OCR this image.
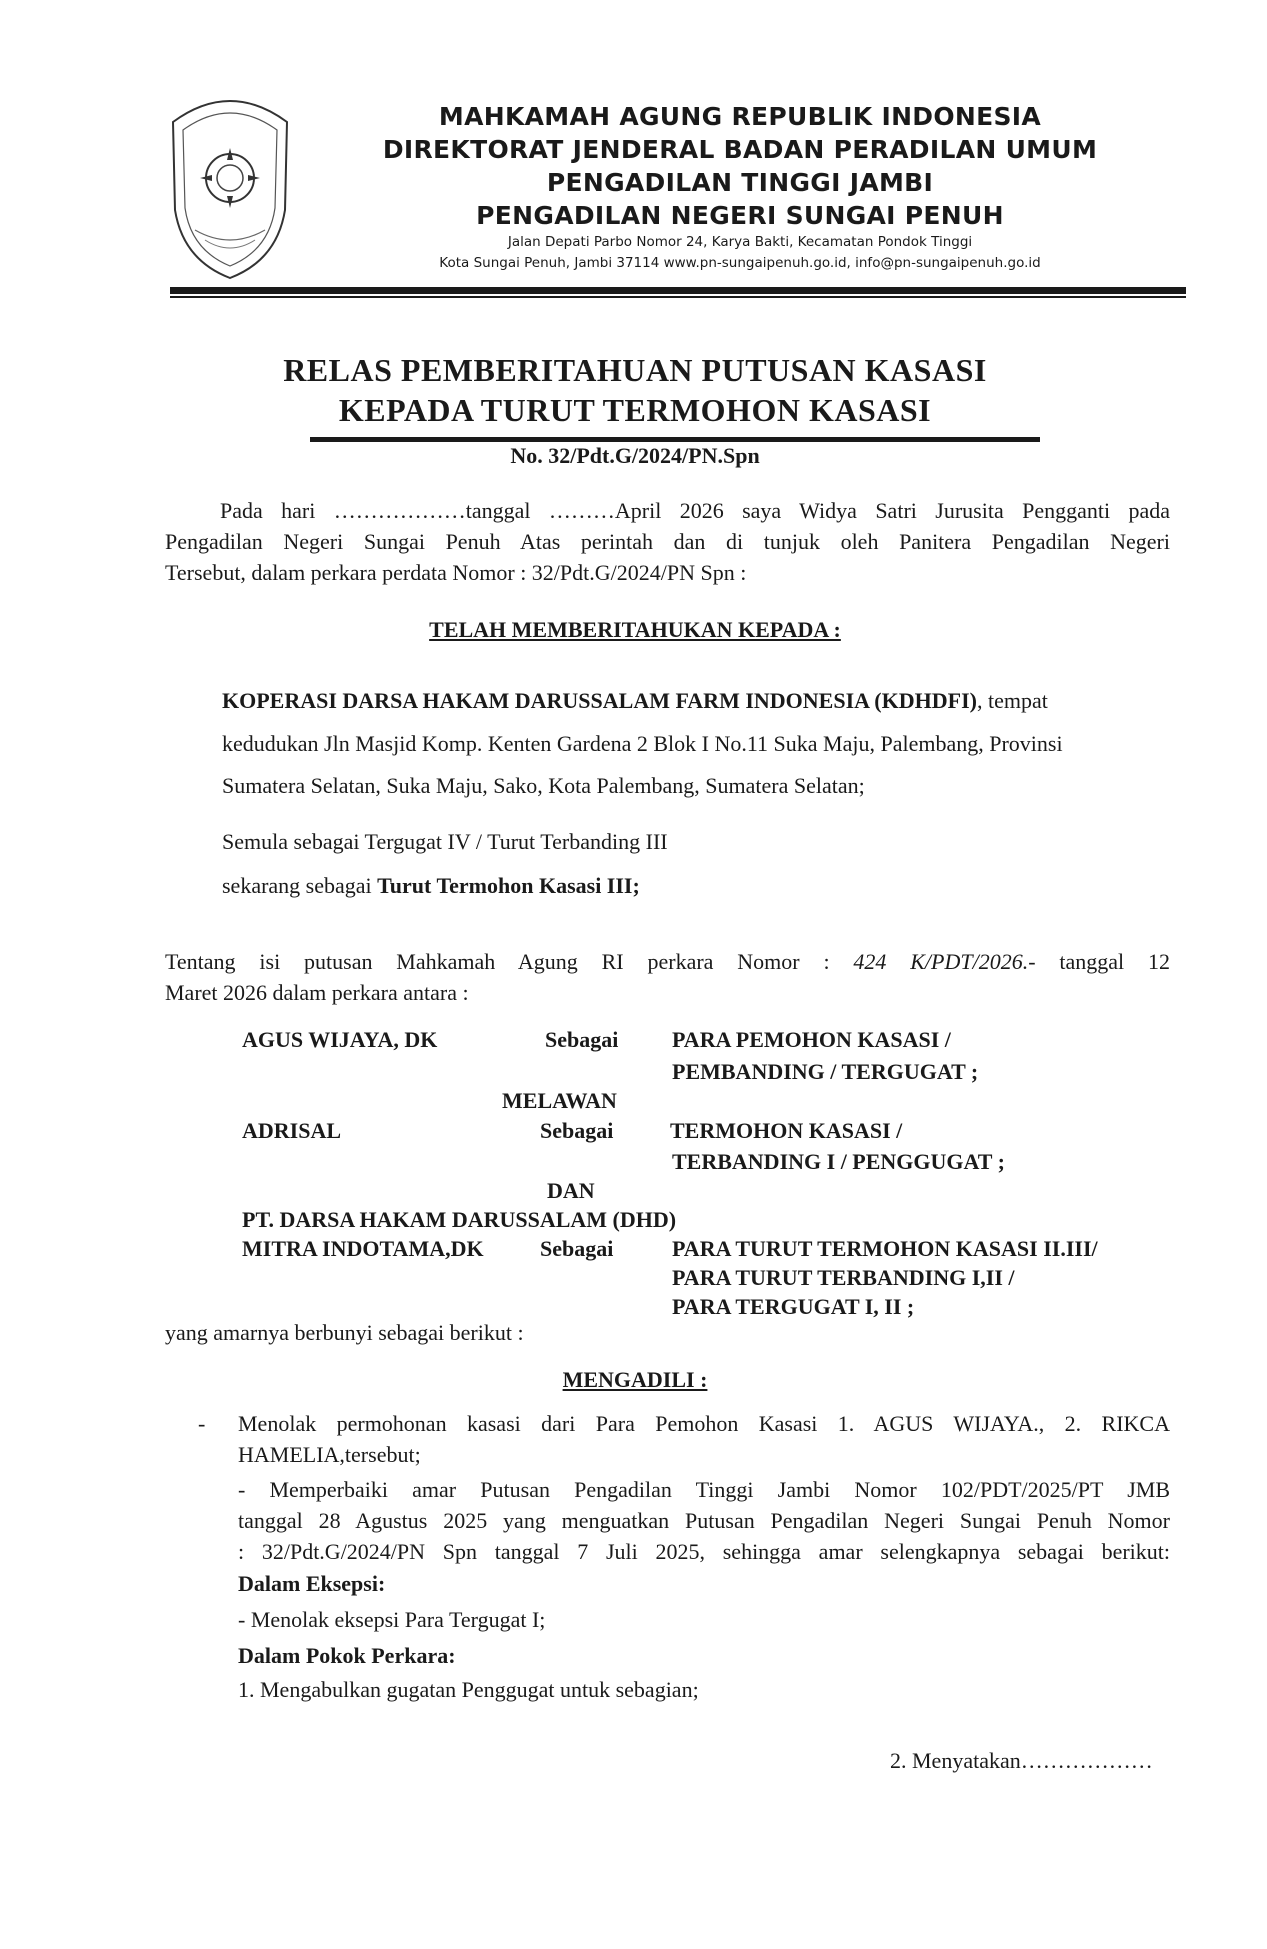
MAHKAMAH AGUNG REPUBLIK INDONESIA
DIREKTORAT JENDERAL BADAN PERADILAN UMUM
PENGADILAN TINGGI JAMBI
PENGADILAN NEGERI SUNGAI PENUH
Jalan Depati Parbo Nomor 24, Karya Bakti, Kecamatan Pondok Tinggi
Kota Sungai Penuh, Jambi 37114 www.pn-sungaipenuh.go.id, info@pn-sungaipenuh.go.id
RELAS PEMBERITAHUAN PUTUSAN KASASI
KEPADA TURUT TERMOHON KASASI
No. 32/Pdt.G/2024/PN.Spn
Pada hari ………………tanggal ………April 2026 saya Widya Satri Jurusita Pengganti pada
Pengadilan Negeri Sungai Penuh Atas perintah dan di tunjuk oleh Panitera Pengadilan Negeri
Tersebut, dalam perkara perdata Nomor : 32/Pdt.G/2024/PN Spn :
TELAH MEMBERITAHUKAN KEPADA :
KOPERASI DARSA HAKAM DARUSSALAM FARM INDONESIA (KDHDFI), tempat
kedudukan Jln Masjid Komp. Kenten Gardena 2 Blok I No.11 Suka Maju, Palembang, Provinsi
Sumatera Selatan, Suka Maju, Sako, Kota Palembang, Sumatera Selatan;
Semula sebagai Tergugat IV / Turut Terbanding III
sekarang sebagai Turut Termohon Kasasi III;
Tentang isi putusan Mahkamah Agung RI perkara Nomor : 424 K/PDT/2026.- tanggal 12
Maret 2026 dalam perkara antara :
AGUS WIJAYA, DK	Sebagai PARA PEMOHON KASASI /
PEMBANDING / TERGUGAT ;
MELAWAN
ADRISAL	Sebagai	TERMOHON KASASI /
TERBANDING I / PENGGUGAT ;
DAN
PT. DARSA HAKAM DARUSSALAM (DHD)
MITRA INDOTAMA,DK	Sebagai	PARA TURUT TERMOHON KASASI II.III/
PARA TURUT TERBANDING I,II /
PARA TERGUGAT I, II ;
yang amarnya berbunyi sebagai berikut :
MENGADILI :
- Menolak permohonan kasasi dari Para Pemohon Kasasi 1. AGUS WIJAYA., 2. RIKCA
HAMELIA,tersebut;
- Memperbaiki amar Putusan Pengadilan Tinggi Jambi Nomor 102/PDT/2025/PT JMB
tanggal 28 Agustus 2025 yang menguatkan Putusan Pengadilan Negeri Sungai Penuh Nomor
: 32/Pdt.G/2024/PN Spn tanggal 7 Juli 2025, sehingga amar selengkapnya sebagai berikut:
Dalam Eksepsi:
- Menolak eksepsi Para Tergugat I;
Dalam Pokok Perkara:
1. Mengabulkan gugatan Penggugat untuk sebagian;
2. Menyatakan………………
